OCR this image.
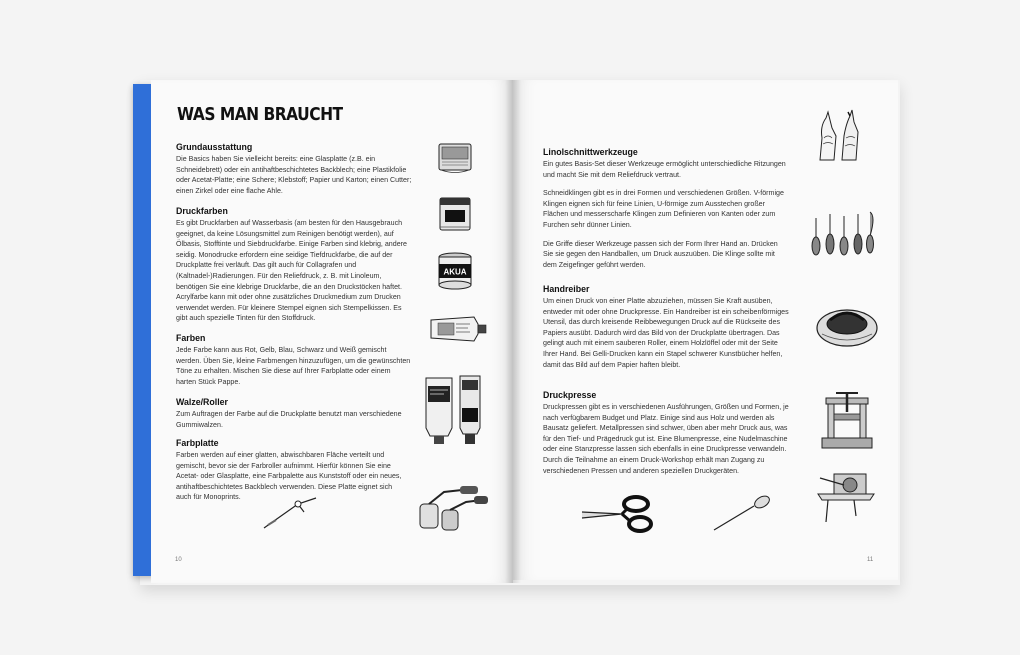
WAS MAN BRAUCHT
Grundausstattung

Die Basics haben Sie vielleicht bereits: eine Glasplatte (z.B. ein Schneidebrett) oder ein antihaftbeschichtetes Backblech; eine Plastikfolie oder Acetat-Platte; eine Schere; Klebstoff; Papier und Karton; einen Cutter; einen Zirkel oder eine flache Ahle.

Druckfarben

Es gibt Druckfarben auf Wasserbasis (am besten für den Hausgebrauch geeignet, da keine Lösungsmittel zum Reinigen benötigt werden), auf Ölbasis, Stofftinte und Siebdruckfarbe. Einige Farben sind klebrig, andere seidig. Monodrucke erfordern eine seidige Tiefdruckfarbe, die auf der Druckplatte frei verläuft. Das gilt auch für Collagrafen und (Kaltnadel-)Radierungen. Für den Reliefdruck, z. B. mit Linoleum, benötigen Sie eine klebrige Druckfarbe, die an den Druckstöcken haftet. Acrylfarbe kann mit oder ohne zusätzliches Druckmedium zum Drucken verwendet werden. Für kleinere Stempel eignen sich Stempelkissen. Es gibt auch spezielle Tinten für den Stoffdruck.

Farben

Jede Farbe kann aus Rot, Gelb, Blau, Schwarz und Weiß gemischt werden. Üben Sie, kleine Farbmengen hinzuzufügen, um die gewünschten Töne zu erhalten. Mischen Sie diese auf Ihrer Farbplatte oder einem harten Stück Pappe.

Walze/Roller

Zum Auftragen der Farbe auf die Druckplatte benutzt man verschiedene Gummiwalzen.

Farbplatte

Farben werden auf einer glatten, abwischbaren Fläche verteilt und gemischt, bevor sie der Farbroller aufnimmt. Hierfür können Sie eine Acetat- oder Glasplatte, eine Farbpalette aus Kunststoff oder ein neues, antihaftbeschichtetes Backblech verwenden. Diese Platte eignet sich auch für Monoprints.

10
Linolschnittwerkzeuge

Ein gutes Basis-Set dieser Werkzeuge ermöglicht unterschiedliche Ritzungen und macht Sie mit dem Reliefdruck vertraut.

Schneidklingen gibt es in drei Formen und verschiedenen Größen. V-förmige Klingen eignen sich für feine Linien, U-förmige zum Ausstechen großer Flächen und messerscharfe Klingen zum Definieren von Kanten oder zum Furchen sehr dünner Linien.

Die Griffe dieser Werkzeuge passen sich der Form Ihrer Hand an. Drücken Sie sie gegen den Handballen, um Druck auszuüben. Die Klinge sollte mit dem Zeigefinger geführt werden.

Handreiber

Um einen Druck von einer Platte abzuziehen, müssen Sie Kraft ausüben, entweder mit oder ohne Druckpresse. Ein Handreiber ist ein scheibenförmiges Utensil, das durch kreisende Reibbewegungen Druck auf die Rückseite des Papiers ausübt. Dadurch wird das Bild von der Druckplatte übertragen. Das gelingt auch mit einem sauberen Roller, einem Holzlöffel oder mit der Seite Ihrer Hand. Bei Gelli-Drucken kann ein Stapel schwerer Kunstbücher helfen, damit das Bild auf dem Papier haften bleibt.

Druckpresse

Druckpressen gibt es in verschiedenen Ausführungen, Größen und Formen, je nach verfügbarem Budget und Platz. Einige sind aus Holz und werden als Bausatz geliefert. Metallpressen sind schwer, üben aber mehr Druck aus, was für den Tief- und Prägedruck gut ist. Eine Blumenpresse, eine Nudelmaschine oder eine Stanzpresse lassen sich ebenfalls in eine Druckpresse verwandeln. Durch die Teilnahme an einem Druck-Workshop erhält man Zugang zu verschiedenen Pressen und anderen speziellen Druckgeräten.

11
AKUA
